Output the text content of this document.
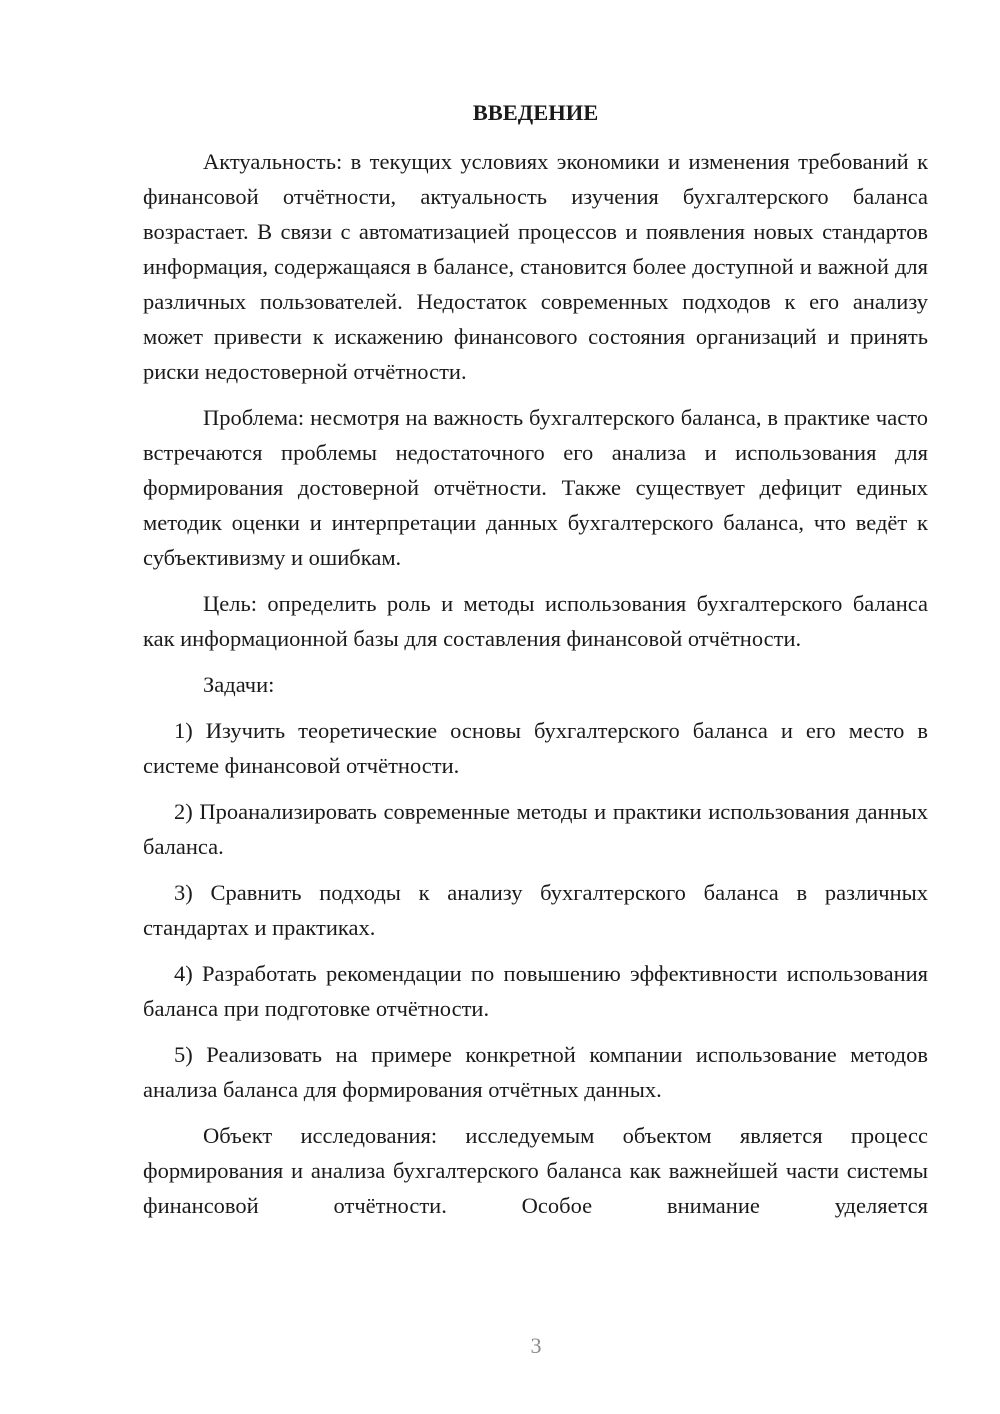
ВВЕДЕНИЕ

Актуальность: в текущих условиях экономики и изменения требований к финансовой отчётности, актуальность изучения бухгалтерского баланса возрастает. В связи с автоматизацией процессов и появления новых стандартов информация, содержащаяся в балансе, становится более доступной и важной для различных пользователей. Недостаток современных подходов к его анализу может привести к искажению финансового состояния организаций и принять риски недостоверной отчётности.

Проблема: несмотря на важность бухгалтерского баланса, в практике часто встречаются проблемы недостаточного его анализа и использования для формирования достоверной отчётности. Также существует дефицит единых методик оценки и интерпретации данных бухгалтерского баланса, что ведёт к субъективизму и ошибкам.

Цель: определить роль и методы использования бухгалтерского баланса как информационной базы для составления финансовой отчётности.

Задачи:

1) Изучить теоретические основы бухгалтерского баланса и его место в системе финансовой отчётности.

2) Проанализировать современные методы и практики использования данных баланса.

3) Сравнить подходы к анализу бухгалтерского баланса в различных стандартах и практиках.

4) Разработать рекомендации по повышению эффективности использования баланса при подготовке отчётности.

5) Реализовать на примере конкретной компании использование методов анализа баланса для формирования отчётных данных.

Объект исследования: исследуемым объектом является процесс формирования и анализа бухгалтерского баланса как важнейшей части системы финансовой отчётности. Особое внимание уделяется

3
